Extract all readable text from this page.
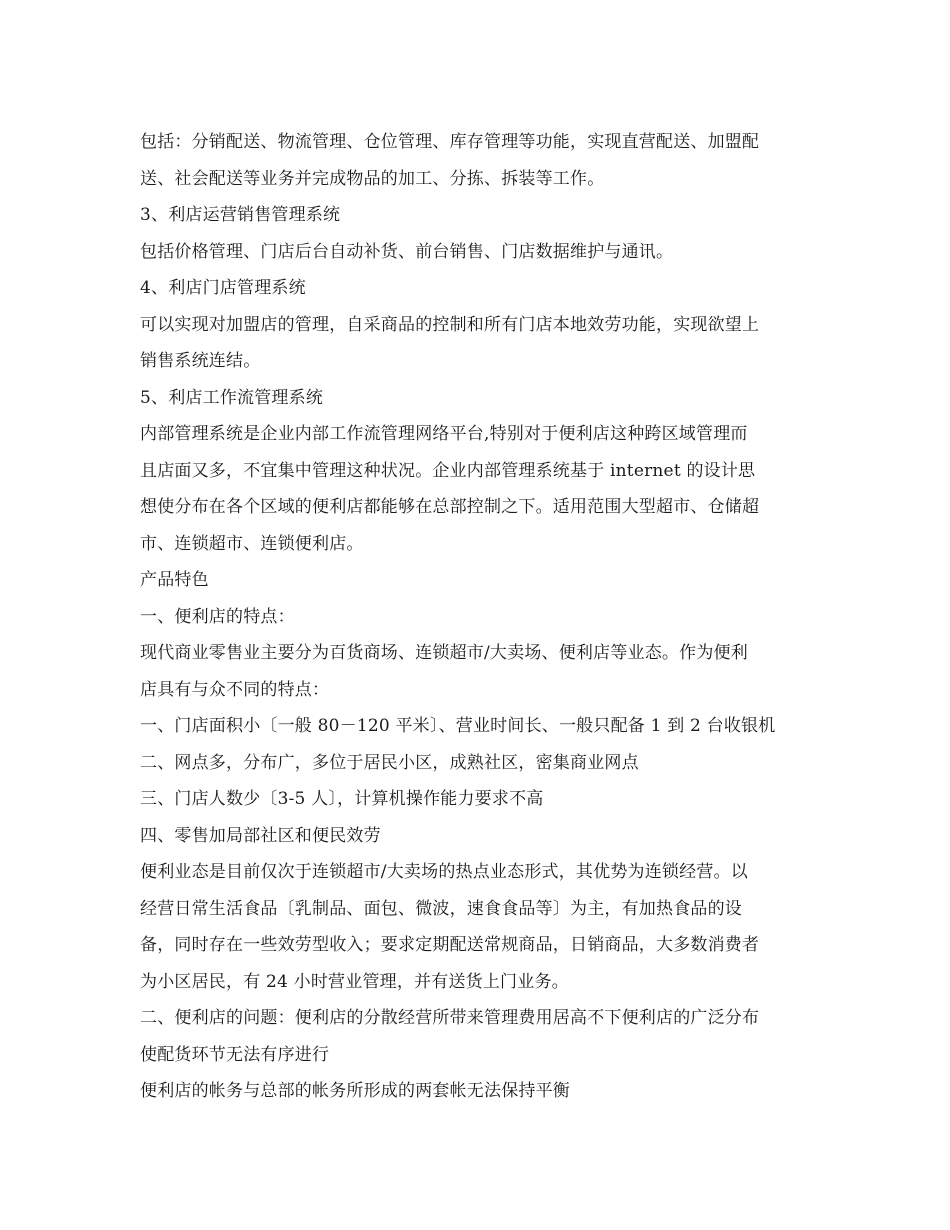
包括：分销配送、物流管理、仓位管理、库存管理等功能，实现直营配送、加盟配
送、社会配送等业务并完成物品的加工、分拣、拆装等工作。
3、利店运营销售管理系统
包括价格管理、门店后台自动补货、前台销售、门店数据维护与通讯。
4、利店门店管理系统
可以实现对加盟店的管理，自采商品的控制和所有门店本地效劳功能，实现欲望上
销售系统连结。
5、利店工作流管理系统
内部管理系统是企业内部工作流管理网络平台,特别对于便利店这种跨区域管理而
且店面又多，不宜集中管理这种状况。企业内部管理系统基于 internet 的设计思
想使分布在各个区域的便利店都能够在总部控制之下。适用范围大型超市、仓储超
市、连锁超市、连锁便利店。
产品特色
一、便利店的特点：
现代商业零售业主要分为百货商场、连锁超市/大卖场、便利店等业态。作为便利
店具有与众不同的特点：
一、门店面积小〔一般 80－120 平米〕、营业时间长、一般只配备 1 到 2 台收银机
二、网点多，分布广，多位于居民小区，成熟社区，密集商业网点
三、门店人数少〔3-5 人〕，计算机操作能力要求不高
四、零售加局部社区和便民效劳
便利业态是目前仅次于连锁超市/大卖场的热点业态形式，其优势为连锁经营。以
经营日常生活食品〔乳制品、面包、微波，速食食品等〕为主，有加热食品的设
备，同时存在一些效劳型收入；要求定期配送常规商品，日销商品，大多数消费者
为小区居民，有 24 小时营业管理，并有送货上门业务。
二、便利店的问题：便利店的分散经营所带来管理费用居高不下便利店的广泛分布
使配货环节无法有序进行
便利店的帐务与总部的帐务所形成的两套帐无法保持平衡
